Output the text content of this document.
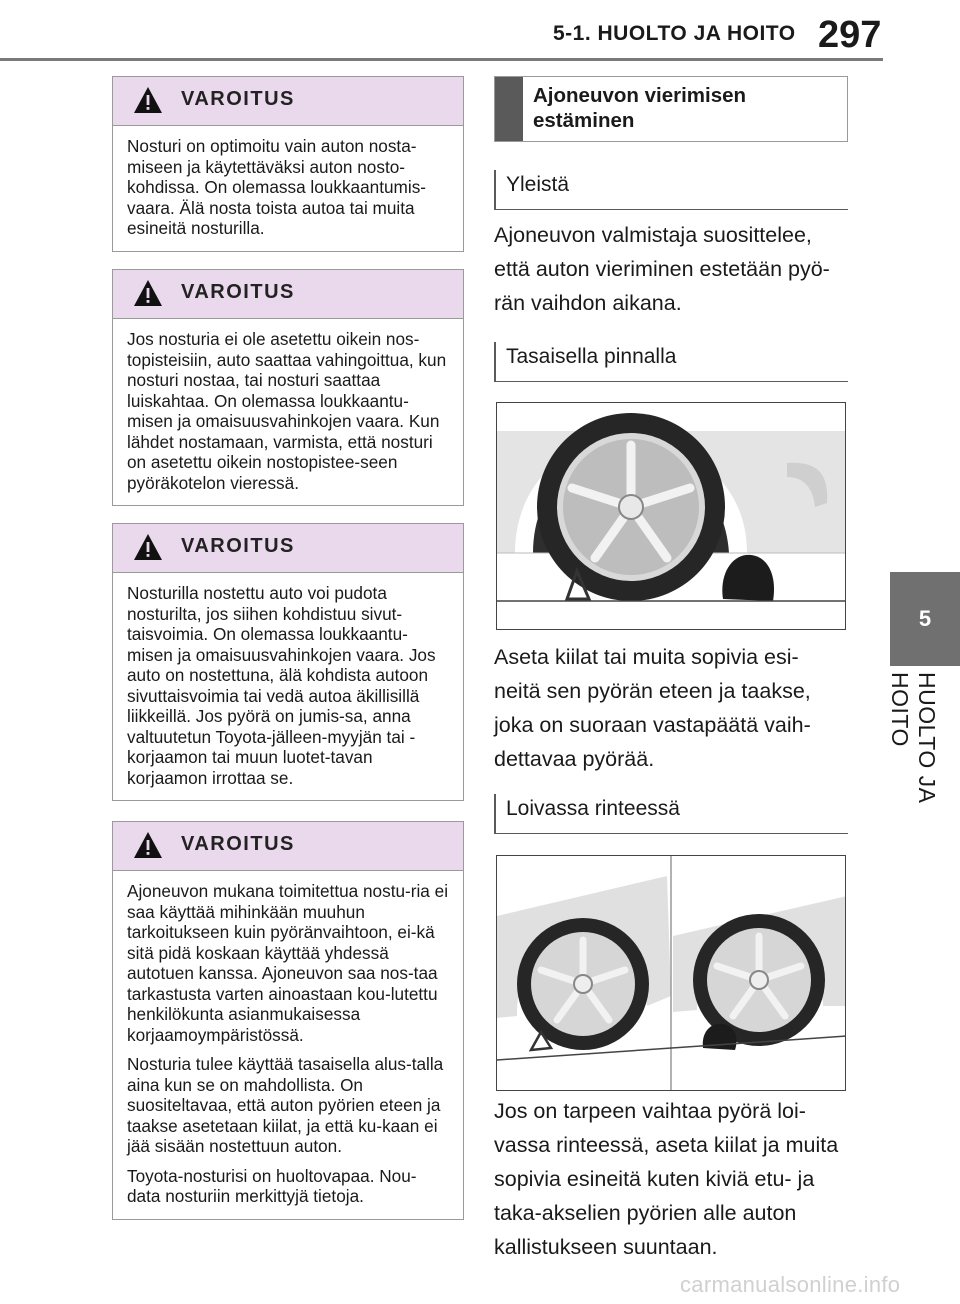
5-1. HUOLTO JA HOITO 297
5
HUOLTO JA HOITO
VAROITUS

Nosturi on optimoitu vain auton nosta-miseen ja käytettäväksi auton nosto-kohdissa. On olemassa loukkaantumis-vaara. Älä nosta toista autoa tai muita esineitä nosturilla.

VAROITUS

Jos nosturia ei ole asetettu oikein nos-topisteisiin, auto saattaa vahingoittua, kun nosturi nostaa, tai nosturi saattaa luiskahtaa. On olemassa loukkaantu-misen ja omaisuusvahinkojen vaara. Kun lähdet nostamaan, varmista, että nosturi on asetettu oikein nostopistee-seen pyöräkotelon vieressä.

VAROITUS

Nosturilla nostettu auto voi pudota nosturilta, jos siihen kohdistuu sivut-taisvoimia. On olemassa loukkaantu-misen ja omaisuusvahinkojen vaara. Jos auto on nostettuna, älä kohdista autoon sivuttaisvoimia tai vedä autoa äkillisillä liikkeillä. Jos pyörä on jumis-sa, anna valtuutetun Toyota-jälleen-myyjän tai -korjaamon tai muun luotet-tavan korjaamon irrottaa se.

VAROITUS

Ajoneuvon mukana toimitettua nostu-ria ei saa käyttää mihinkään muuhun tarkoitukseen kuin pyöränvaihtoon, ei-kä sitä pidä koskaan käyttää yhdessä autotuen kanssa. Ajoneuvon saa nos-taa tarkastusta varten ainoastaan kou-lutettu henkilökunta asianmukaisessa korjaamoympäristössä.

Nosturia tulee käyttää tasaisella alus-talla aina kun se on mahdollista. On suositeltavaa, että auton pyörien eteen ja taakse asetetaan kiilat, ja että ku-kaan ei jää sisään nostettuun auton.

Toyota-nosturisi on huoltovapaa. Nou-data nosturiin merkittyjä tietoja.

Ajoneuvon vierimisen estäminen
Yleistä

Ajoneuvon valmistaja suosittelee, että auton vieriminen estetään pyö-rän vaihdon aikana.

Tasaisella pinnalla

Aseta kiilat tai muita sopivia esi-neitä sen pyörän eteen ja taakse, joka on suoraan vastapäätä vaih-dettavaa pyörää.

Loivassa rinteessä

Jos on tarpeen vaihtaa pyörä loi-vassa rinteessä, aseta kiilat ja muita sopivia esineitä kuten kiviä etu- ja taka-akselien pyörien alle auton kallistukseen suuntaan.

carmanualsonline.info
